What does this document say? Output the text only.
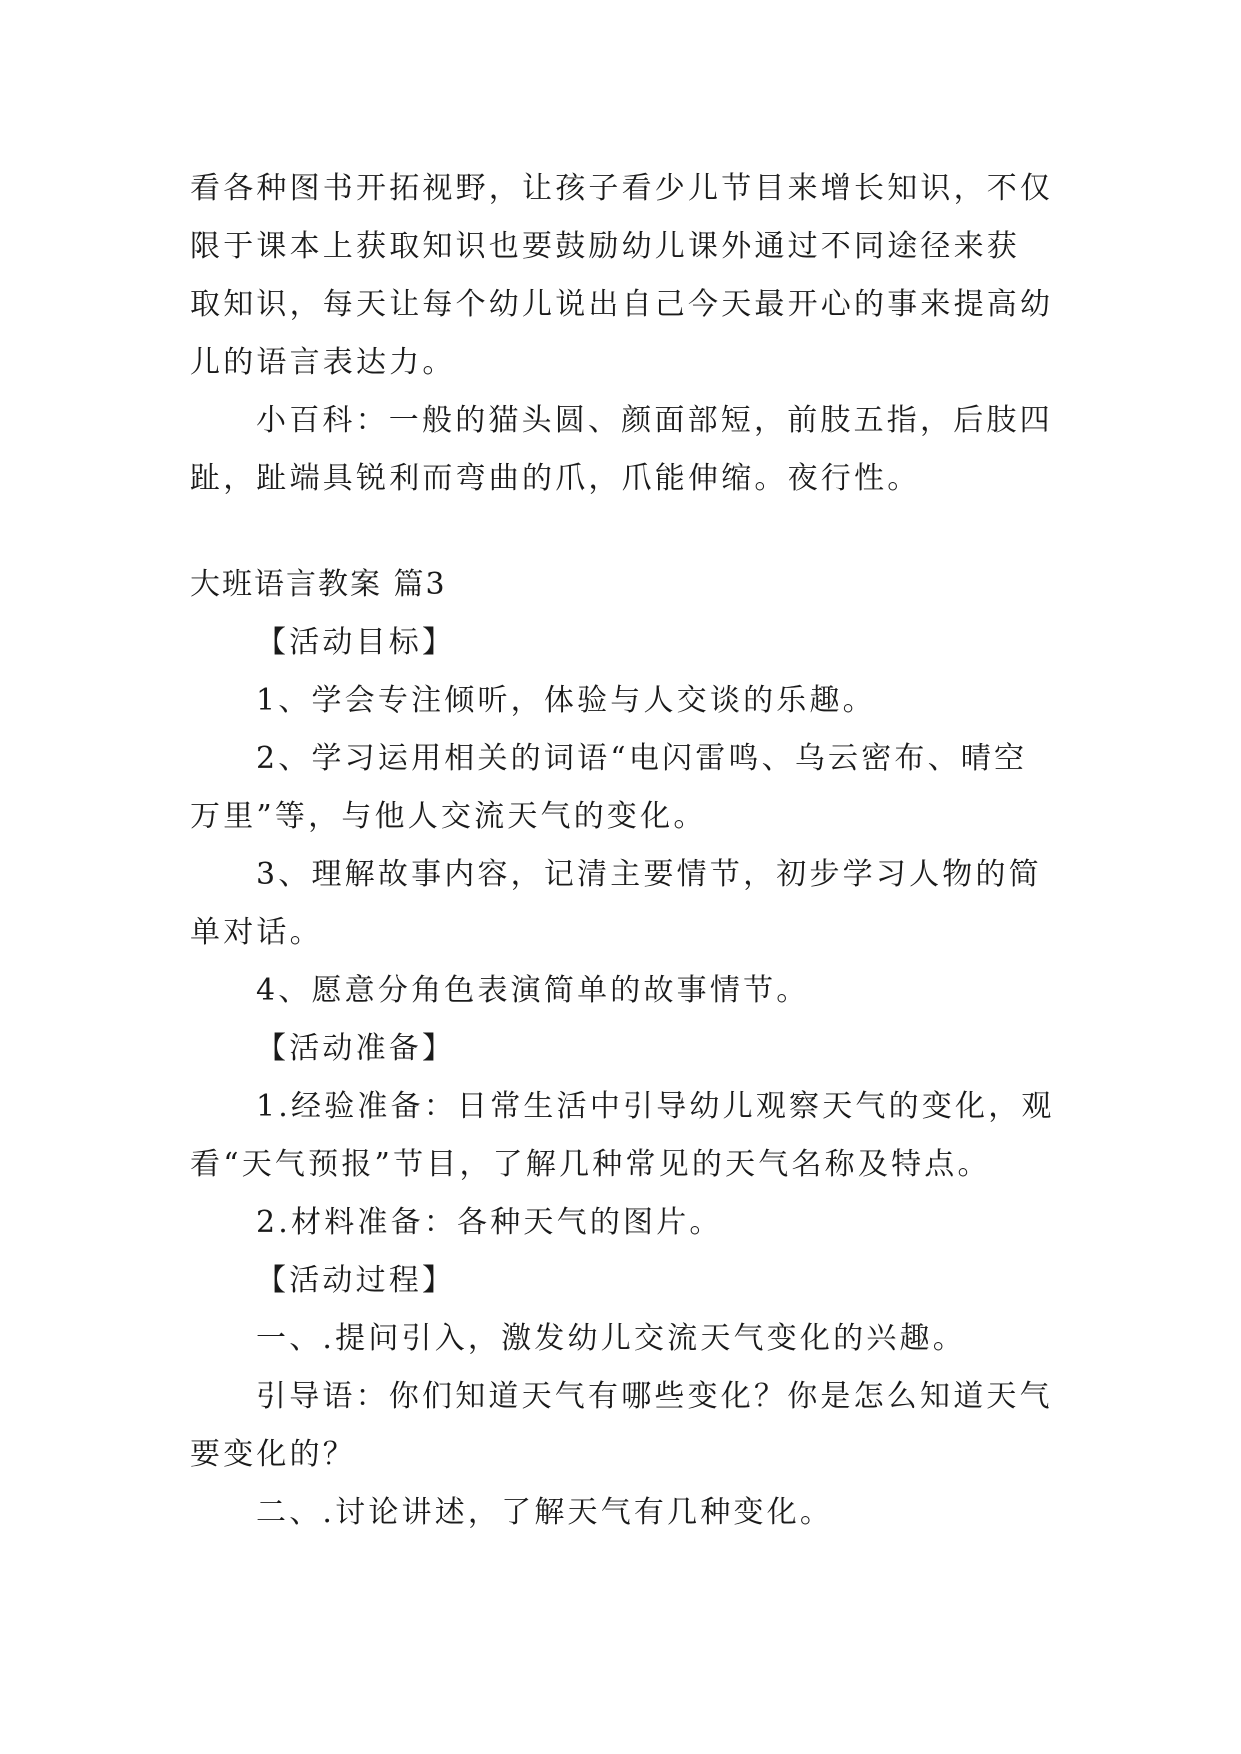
看各种图书开拓视野，让孩子看少儿节目来增长知识，不仅
限于课本上获取知识也要鼓励幼儿课外通过不同途径来获
取知识，每天让每个幼儿说出自己今天最开心的事来提高幼
儿的语言表达力。
小百科：一般的猫头圆、颜面部短，前肢五指，后肢四
趾，趾端具锐利而弯曲的爪，爪能伸缩。夜行性。
大班语言教案 篇3
【活动目标】
1、学会专注倾听，体验与人交谈的乐趣。
2、学习运用相关的词语“电闪雷鸣、乌云密布、晴空
万里”等，与他人交流天气的变化。
3、理解故事内容，记清主要情节，初步学习人物的简
单对话。
4、愿意分角色表演简单的故事情节。
【活动准备】
1.经验准备：日常生活中引导幼儿观察天气的变化，观
看“天气预报”节目，了解几种常见的天气名称及特点。
2.材料准备：各种天气的图片。
【活动过程】
一、.提问引入，激发幼儿交流天气变化的兴趣。
引导语：你们知道天气有哪些变化？你是怎么知道天气
要变化的？
二、.讨论讲述，了解天气有几种变化。
